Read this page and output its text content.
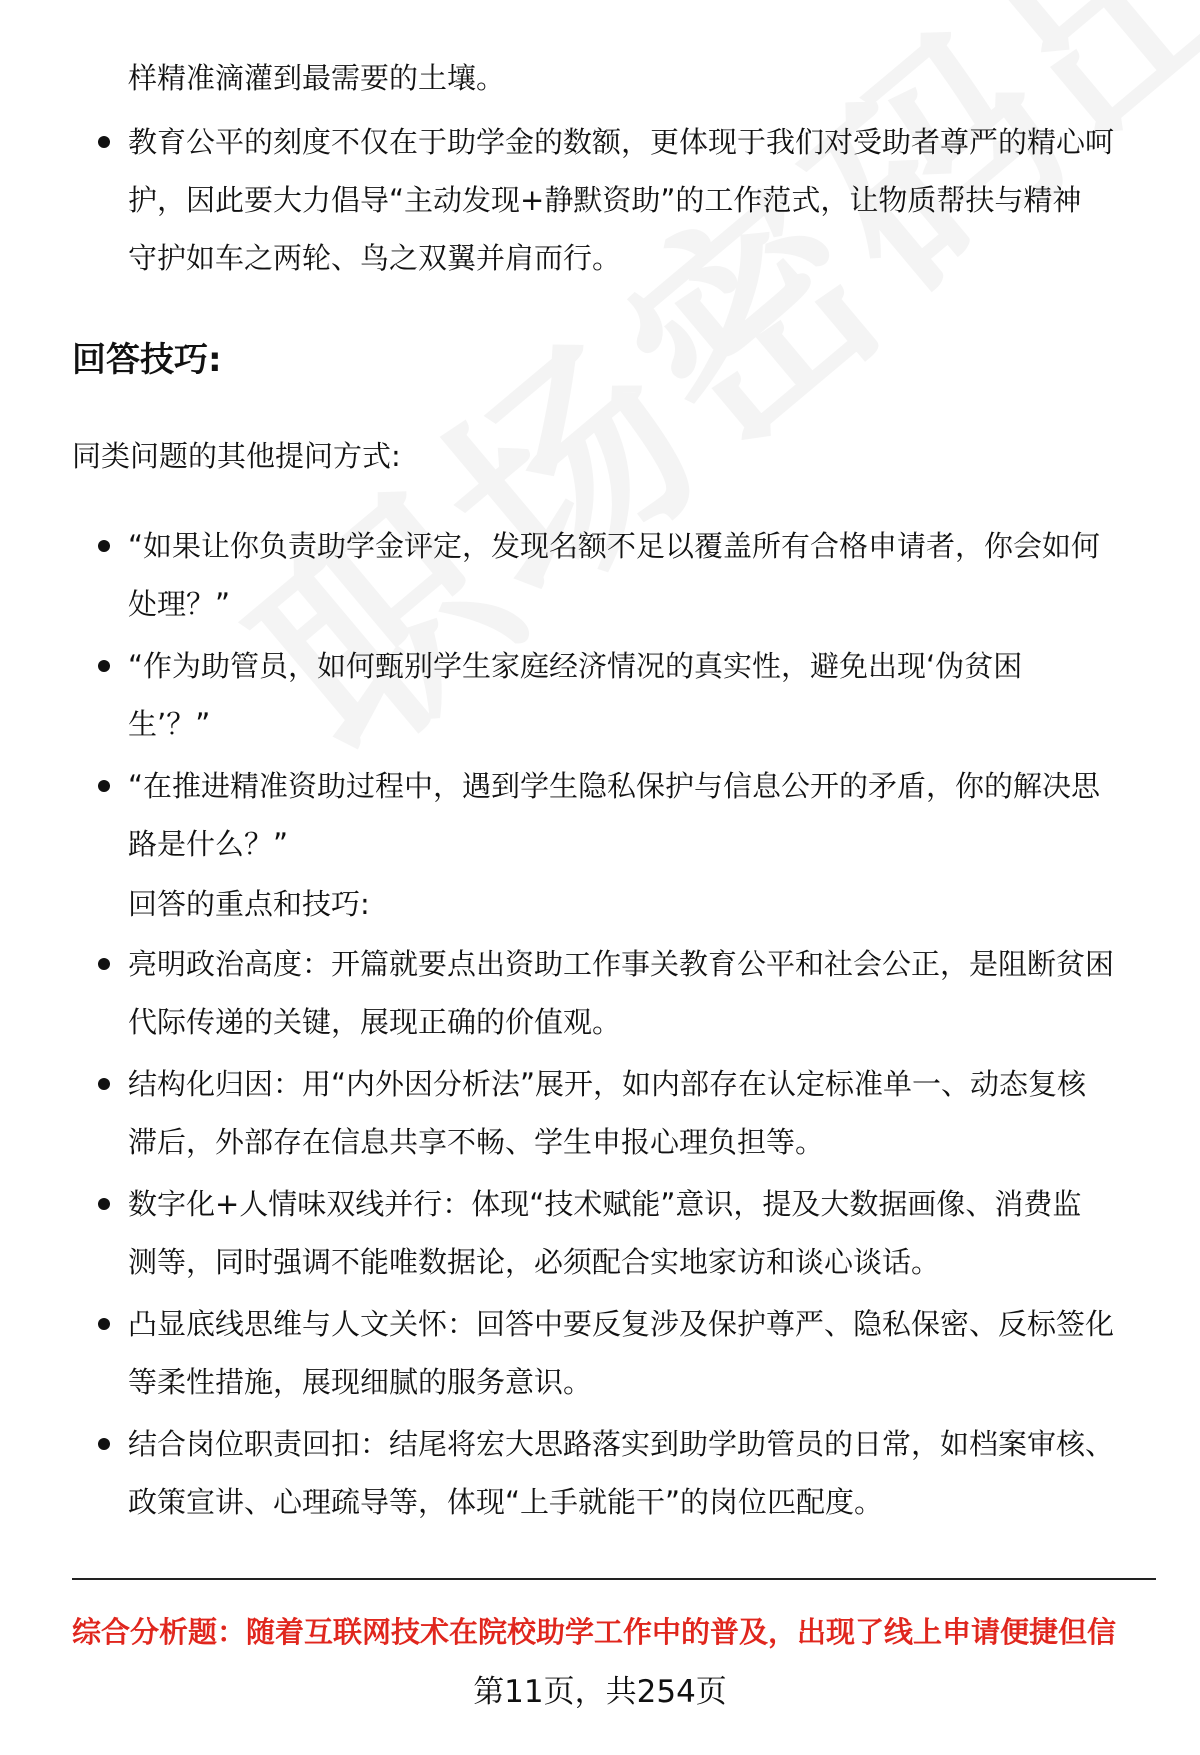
样精准滴灌到最需要的土壤。
教育公平的刻度不仅在于助学金的数额，更体现于我们对受助者尊严的精心呵
护，因此要大力倡导“主动发现+静默资助”的工作范式，让物质帮扶与精神
守护如车之两轮、鸟之双翼并肩而行。
回答技巧:
同类问题的其他提问方式:
“如果让你负责助学金评定，发现名额不足以覆盖所有合格申请者，你会如何
处理？”
“作为助管员，如何甄别学生家庭经济情况的真实性，避免出现‘伪贫困
生’？”
“在推进精准资助过程中，遇到学生隐私保护与信息公开的矛盾，你的解决思
路是什么？”
回答的重点和技巧:
亮明政治高度：开篇就要点出资助工作事关教育公平和社会公正，是阻断贫困
代际传递的关键，展现正确的价值观。
结构化归因：用“内外因分析法”展开，如内部存在认定标准单一、动态复核
滞后，外部存在信息共享不畅、学生申报心理负担等。
数字化+人情味双线并行：体现“技术赋能”意识，提及大数据画像、消费监
测等，同时强调不能唯数据论，必须配合实地家访和谈心谈话。
凸显底线思维与人文关怀：回答中要反复涉及保护尊严、隐私保密、反标签化
等柔性措施，展现细腻的服务意识。
结合岗位职责回扣：结尾将宏大思路落实到助学助管员的日常，如档案审核、
政策宣讲、心理疏导等，体现“上手就能干”的岗位匹配度。
综合分析题：随着互联网技术在院校助学工作中的普及，出现了线上申请便捷但信
第11页，共254页
